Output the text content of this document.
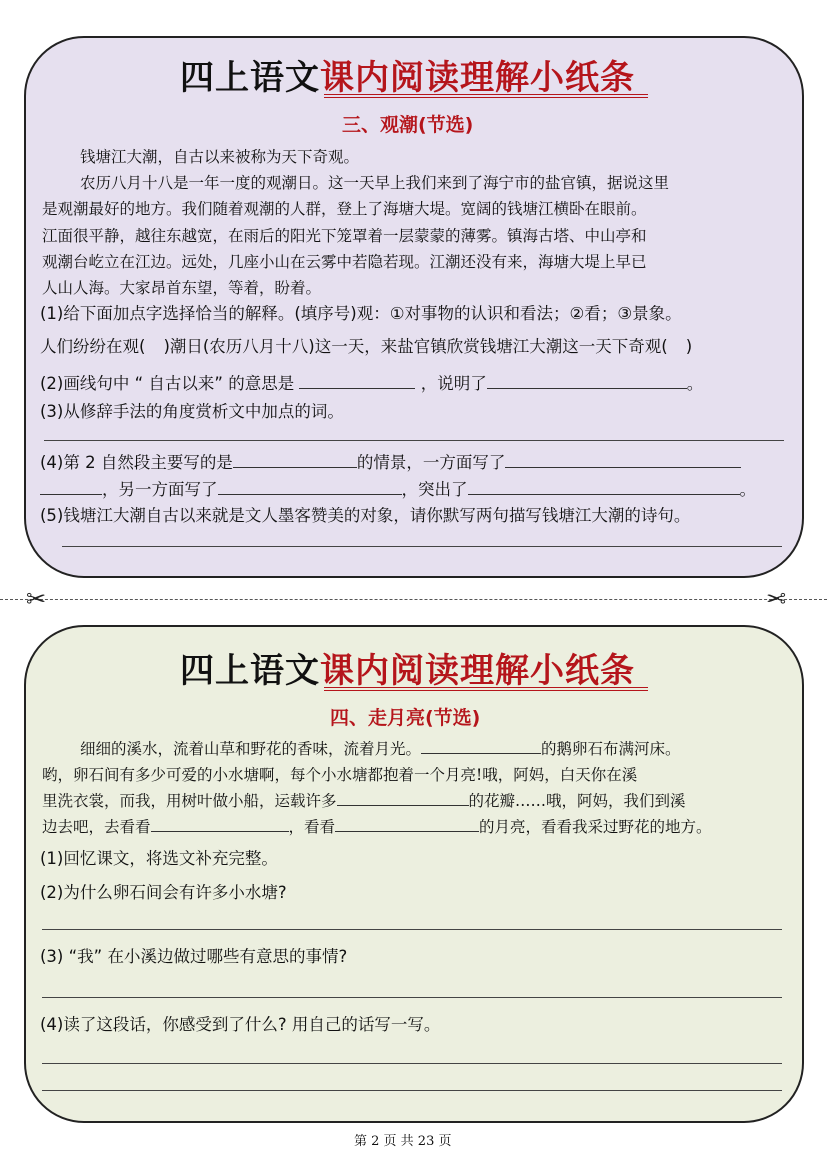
四上语文课内阅读理解小纸条
三、观潮(节选)
钱塘江大潮，自古以来被称为天下奇观。
农历八月十八是一年一度的观潮日。这一天早上我们来到了海宁市的盐官镇，据说这里
是观潮最好的地方。我们随着观潮的人群，登上了海塘大堤。宽阔的钱塘江横卧在眼前。
江面很平静，越往东越宽，在雨后的阳光下笼罩着一层蒙蒙的薄雾。镇海古塔、中山亭和
观潮台屹立在江边。远处，几座小山在云雾中若隐若现。江潮还没有来，海塘大堤上早已
人山人海。大家昂首东望，等着，盼着。
(1)给下面加点字选择恰当的解释。(填序号)观：①对事物的认识和看法；②看；③景象。
人们纷纷在观( )潮日(农历八月十八)这一天，来盐官镇欣赏钱塘江大潮这一天下奇观( )
(2)画线句中 “ 自古以来” 的意思是	，说明了	。
(3)从修辞手法的角度赏析文中加点的词。
(4)第 2 自然段主要写的是	的情景，一方面写了
，另一方面写了	，突出了	。
(5)钱塘江大潮自古以来就是文人墨客赞美的对象，请你默写两句描写钱塘江大潮的诗句。
✂	✂
四上语文课内阅读理解小纸条
四、走月亮(节选)
细细的溪水，流着山草和野花的香味，流着月光。	的鹅卵石布满河床。
哟，卵石间有多少可爱的小水塘啊，每个小水塘都抱着一个月亮!哦，阿妈，白天你在溪
里洗衣裳，而我，用树叶做小船，运载许多	的花瓣……哦，阿妈，我们到溪
边去吧，去看看	，看看	的月亮，看看我采过野花的地方。
(1)回忆课文，将选文补充完整。
(2)为什么卵石间会有许多小水塘?
(3) “我” 在小溪边做过哪些有意思的事情?
(4)读了这段话，你感受到了什么? 用自己的话写一写。
第 2 页 共 23 页
